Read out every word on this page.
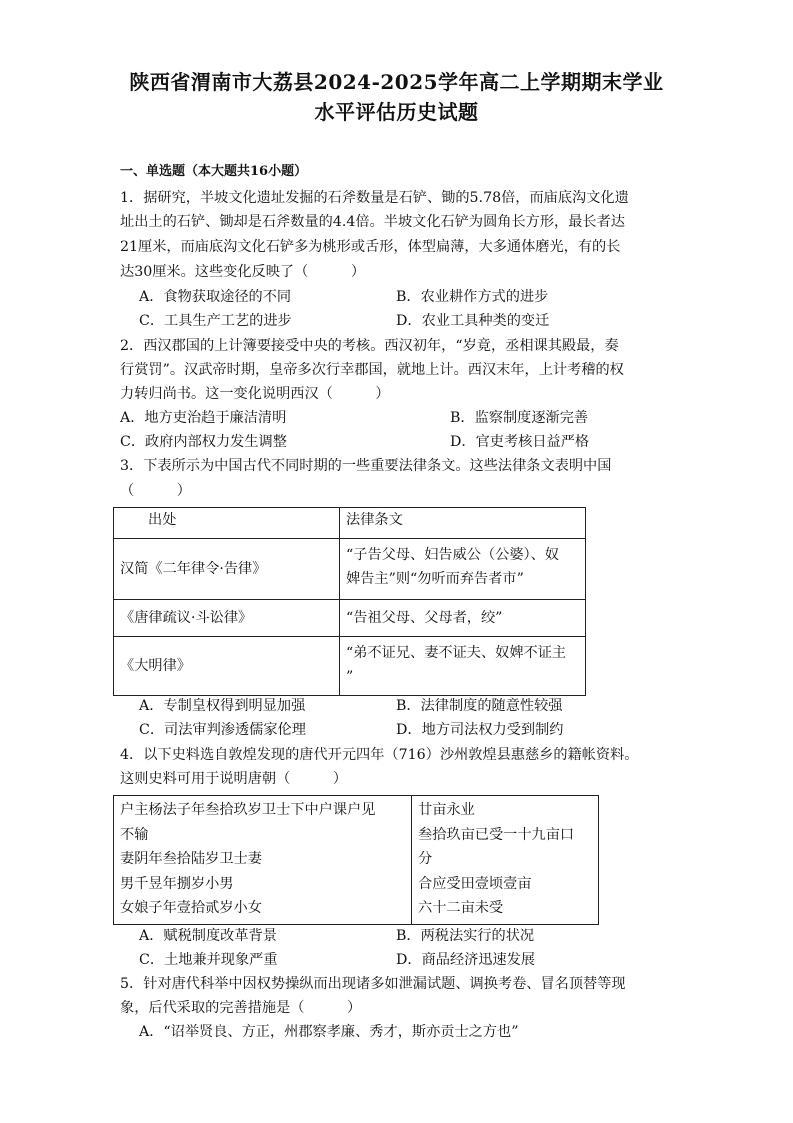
陕西省渭南市大荔县2024-2025学年高二上学期期末学业
水平评估历史试题
一、单选题（本大题共16小题）
1．据研究，半坡文化遗址发掘的石斧数量是石铲、锄的5.78倍，而庙底沟文化遗
址出土的石铲、锄却是石斧数量的4.4倍。半坡文化石铲为圆角长方形，最长者达
21厘米，而庙底沟文化石铲多为桃形或舌形，体型扁薄，大多通体磨光，有的长
达30厘米。这些变化反映了（　　　）
A．食物获取途径的不同	B．农业耕作方式的进步
C．工具生产工艺的进步	D．农业工具种类的变迁
2．西汉郡国的上计簿要接受中央的考核。西汉初年，“岁竟，丞相课其殿最，奏
行赏罚”。汉武帝时期，皇帝多次行幸郡国，就地上计。西汉末年，上计考稽的权
力转归尚书。这一变化说明西汉（　　　）
A．地方吏治趋于廉洁清明	B．监察制度逐渐完善
C．政府内部权力发生调整	D．官吏考核日益严格
3．下表所示为中国古代不同时期的一些重要法律条文。这些法律条文表明中国
（　　　）
出处	法律条文
汉简《二年律令·告律》	“子告父母、妇告威公（公婆）、奴
婢告主”则“勿听而弃告者市”

《唐律疏议·斗讼律》	“告祖父母、父母者，绞”
《大明律》	“弟不证兄、妻不证夫、奴婢不证主
”
A．专制皇权得到明显加强	B．法律制度的随意性较强
C．司法审判渗透儒家伦理	D．地方司法权力受到制约
4．以下史料选自敦煌发现的唐代开元四年（716）沙州敦煌县惠慈乡的籍帐资料。
这则史料可用于说明唐朝（　　　）
户主杨法子年叁拾玖岁卫士下中户课户见
不输
妻阴年叁拾陆岁卫士妻
男千昱年捌岁小男
女娘子年壹拾贰岁小女

廿亩永业
叁拾玖亩已受一十九亩口
分
合应受田壹顷壹亩
六十二亩未受
A．赋税制度改革背景	B．两税法实行的状况
C．土地兼并现象严重	D．商品经济迅速发展
5．针对唐代科举中因权势操纵而出现诸多如泄漏试题、调换考卷、冒名顶替等现
象，后代采取的完善措施是（　　　）
A．“诏举贤良、方正，州郡察孝廉、秀才，斯亦贡士之方也”
